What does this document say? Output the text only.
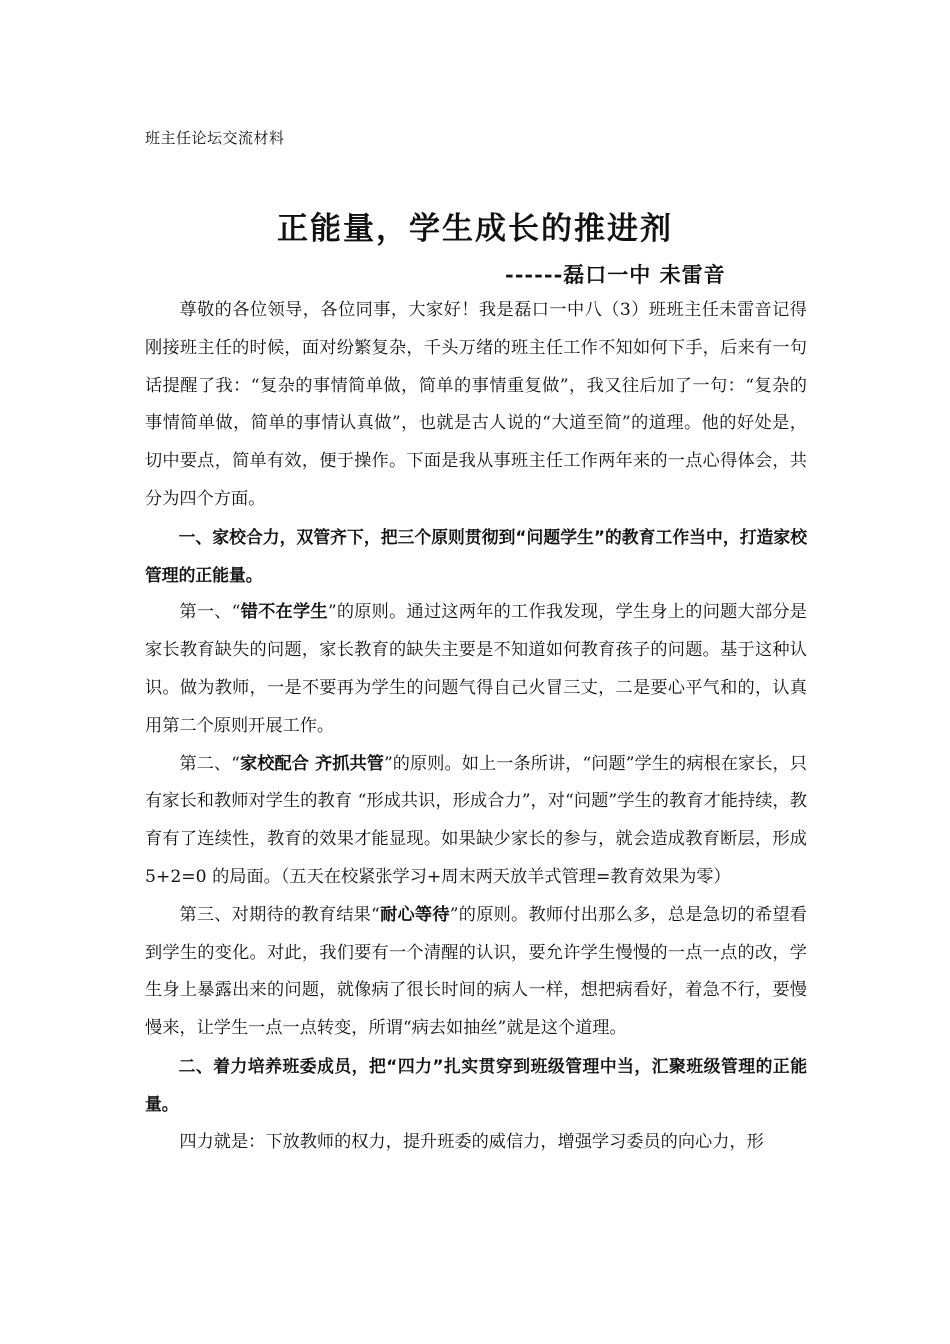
班主任论坛交流材料
正能量，学生成长的推进剂
------磊口一中 未雷音

尊敬的各位领导，各位同事，大家好！我是磊口一中八（3）班班主任未雷音记得刚接班主任的时候，面对纷繁复杂，千头万绪的班主任工作不知如何下手，后来有一句话提醒了我：“复杂的事情简单做，简单的事情重复做”，我又往后加了一句：“复杂的事情简单做，简单的事情认真做”，也就是古人说的“大道至简”的道理。他的好处是，切中要点，简单有效，便于操作。下面是我从事班主任工作两年来的一点心得体会，共分为四个方面。

一、家校合力，双管齐下，把三个原则贯彻到“问题学生”的教育工作当中，打造家校管理的正能量。

第一、“错不在学生”的原则。通过这两年的工作我发现，学生身上的问题大部分是家长教育缺失的问题，家长教育的缺失主要是不知道如何教育孩子的问题。基于这种认识。做为教师，一是不要再为学生的问题气得自己火冒三丈，二是要心平气和的，认真用第二个原则开展工作。

第二、“家校配合 齐抓共管”的原则。如上一条所讲，“问题”学生的病根在家长，只有家长和教师对学生的教育 “形成共识，形成合力”，对“问题”学生的教育才能持续，教育有了连续性，教育的效果才能显现。如果缺少家长的参与，就会造成教育断层，形成 5+2=0 的局面。（五天在校紧张学习+周末两天放羊式管理=教育效果为零）

第三、对期待的教育结果“耐心等待”的原则。教师付出那么多，总是急切的希望看到学生的变化。对此，我们要有一个清醒的认识，要允许学生慢慢的一点一点的改，学生身上暴露出来的问题，就像病了很长时间的病人一样，想把病看好，着急不行，要慢慢来，让学生一点一点转变，所谓“病去如抽丝”就是这个道理。

二、着力培养班委成员，把“四力”扎实贯穿到班级管理中当，汇聚班级管理的正能量。

四力就是：下放教师的权力，提升班委的威信力，增强学习委员的向心力，形
